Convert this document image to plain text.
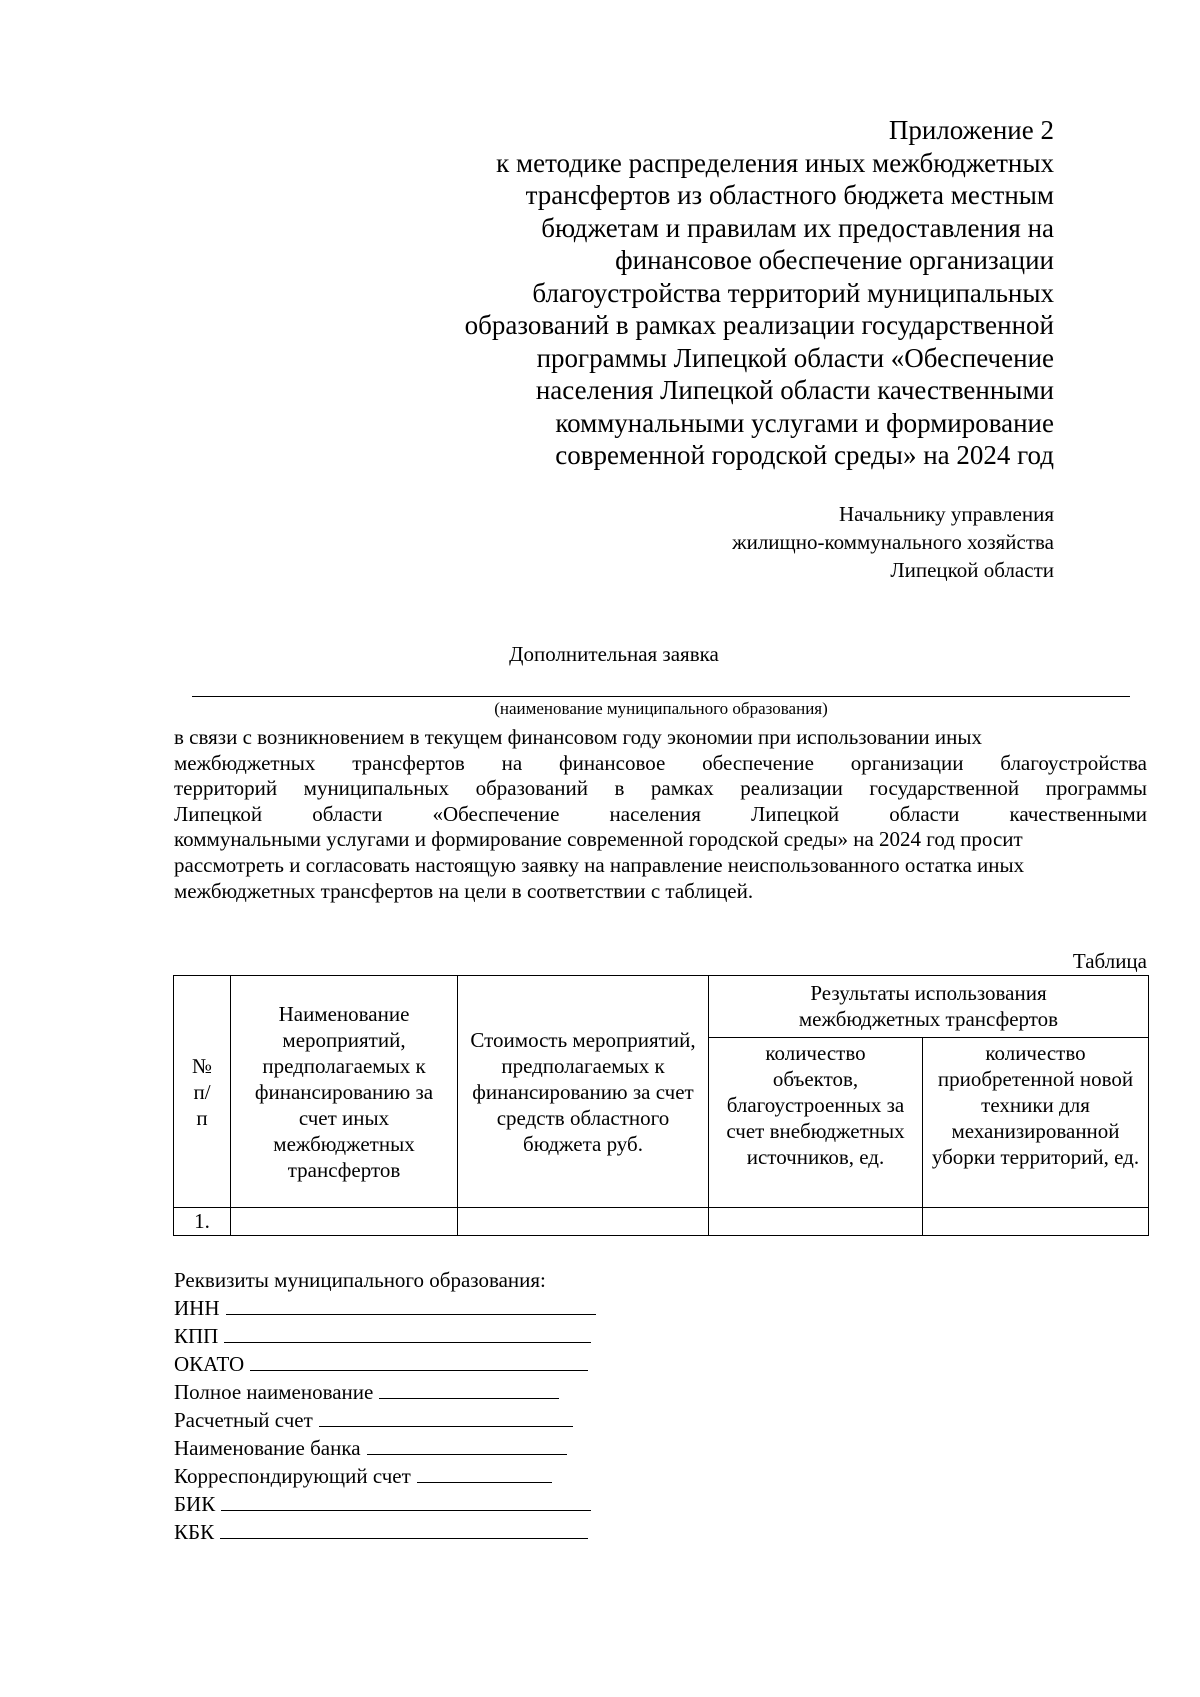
Приложение 2
к методике распределения иных межбюджетных
трансфертов из областного бюджета местным
бюджетам и правилам их предоставления на
финансовое обеспечение организации
благоустройства территорий муниципальных
образований в рамках реализации государственной
программы Липецкой области «Обеспечение
населения Липецкой области качественными
коммунальными услугами и формирование
современной городской среды» на 2024 год
Начальнику управления
жилищно-коммунального хозяйства
Липецкой области
Дополнительная заявка
(наименование муниципального образования)
в связи с возникновением в текущем финансовом году экономии при использовании иных
межбюджетных трансфертов на финансовое обеспечение организации благоустройства
территорий муниципальных образований в рамках реализации государственной программы
Липецкой области «Обеспечение населения Липецкой области качественными
коммунальными услугами и формирование современной городской среды» на 2024 год просит
рассмотреть и согласовать настоящую заявку на направление неиспользованного остатка иных
межбюджетных трансфертов на цели в соответствии с таблицей.
Таблица
№ п/п	Наименование мероприятий, предполагаемых к финансированию за счет иных межбюджетных трансфертов	Стоимость мероприятий, предполагаемых к финансированию за счет средств областного бюджета руб.	Результаты использования межбюджетных трансфертов	
			количество объектов, благоустроенных за счет внебюджетных источников, ед.	количество приобретенной новой техники для механизированной уборки территорий, ед.
1.				
Реквизиты муниципального образования:
ИНН
КПП
ОКАТО
Полное наименование
Расчетный счет
Наименование банка
Корреспондирующий счет
БИК
КБК
